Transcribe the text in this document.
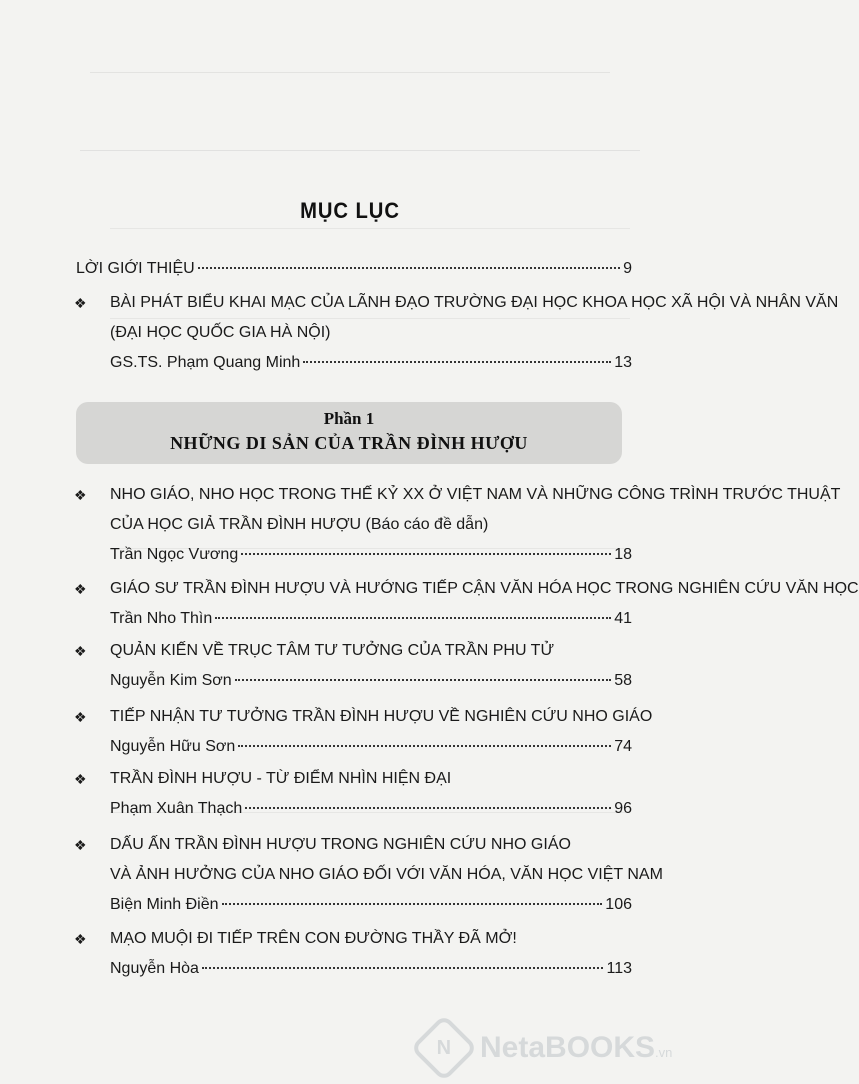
MỤC LỤC
LỜI GIỚI THIỆU	9
❖	BÀI PHÁT BIỂU KHAI MẠC CỦA LÃNH ĐẠO TRƯỜNG ĐẠI HỌC KHOA HỌC XÃ HỘI VÀ NHÂN VĂN
(ĐẠI HỌC QUỐC GIA HÀ NỘI)
GS.TS. Phạm Quang Minh	13
Phần 1
NHỮNG DI SẢN CỦA TRẦN ĐÌNH HƯỢU
❖	NHO GIÁO, NHO HỌC TRONG THẾ KỶ XX Ở VIỆT NAM VÀ NHỮNG CÔNG TRÌNH TRƯỚC THUẬT
CỦA HỌC GIẢ TRẦN ĐÌNH HƯỢU (Báo cáo đề dẫn)
Trần Ngọc Vương	18
❖	GIÁO SƯ TRẦN ĐÌNH HƯỢU VÀ HƯỚNG TIẾP CẬN VĂN HÓA HỌC TRONG NGHIÊN CỨU VĂN HỌC
Trần Nho Thìn	41
❖	QUẢN KIẾN VỀ TRỤC TÂM TƯ TƯỞNG CỦA TRẦN PHU TỬ
Nguyễn Kim Sơn	58
❖	TIẾP NHẬN TƯ TƯỞNG TRẦN ĐÌNH HƯỢU VỀ NGHIÊN CỨU NHO GIÁO
Nguyễn Hữu Sơn	74
❖	TRẦN ĐÌNH HƯỢU - TỪ ĐIỂM NHÌN HIỆN ĐẠI
Phạm Xuân Thạch	96
❖	DẤU ẤN TRẦN ĐÌNH HƯỢU TRONG NGHIÊN CỨU NHO GIÁO
VÀ ẢNH HƯỞNG CỦA NHO GIÁO ĐỐI VỚI VĂN HÓA, VĂN HỌC VIỆT NAM
Biện Minh Điền	106
❖	MẠO MUỘI ĐI TIẾP TRÊN CON ĐƯỜNG THẦY ĐÃ MỞ!
Nguyễn Hòa	113
N NetaBOOKS.vn
